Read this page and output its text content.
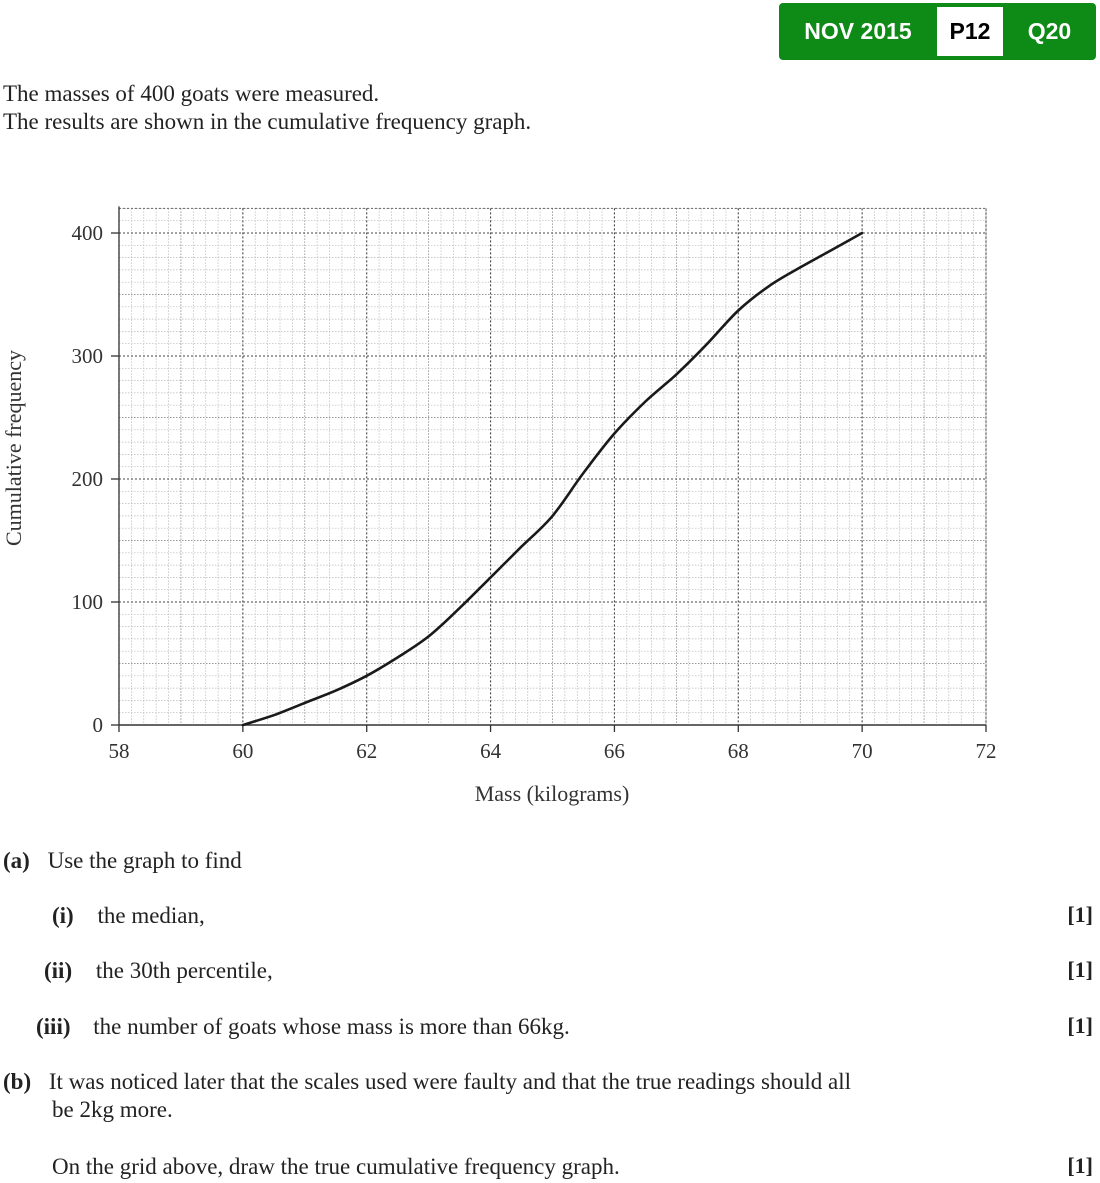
NOV 2015	P12	Q20

The masses of 400 goats were measured.

The results are shown in the cumulative frequency graph.

58	60	62	64	66	68	70	72
0
100
200
300
400
Mass (kilograms)
Cumulative frequency
(a) Use the graph to find
(i) the median,	[1]
(ii) the 30th percentile,	[1]
(iii) the number of goats whose mass is more than 66kg.	[1]
(b) It was noticed later that the scales used were faulty and that the true readings should all
be 2kg more.
On the grid above, draw the true cumulative frequency graph.	[1]
